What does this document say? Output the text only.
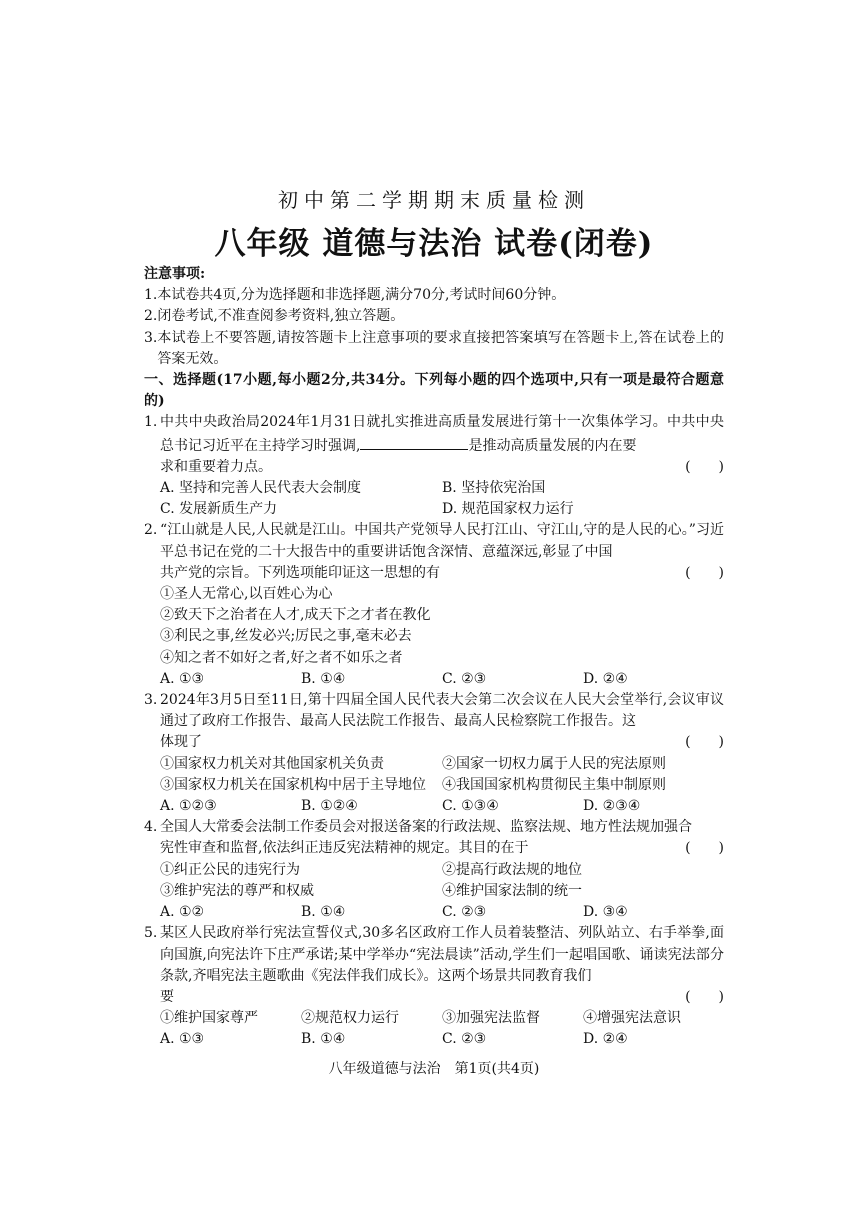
初中第二学期期末质量检测
八年级 道德与法治 试卷(闭卷)
注意事项:
1. 本试卷共4页,分为选择题和非选择题,满分70分,考试时间60分钟。
2. 闭卷考试,不准查阅参考资料,独立答题。
3. 本试卷上不要答题,请按答题卡上注意事项的要求直接把答案填写在答题卡上,答在试卷上的答案无效。
一、选择题(17小题,每小题2分,共34分。下列每小题的四个选项中,只有一项是最符合题意的)
1. 中共中央政治局2024年1月31日就扎实推进高质量发展进行第十一次集体学习。中共中央总书记习近平在主持学习时强调,	是推动高质量发展的内在要
求和重要着力点。	(　　)
A. 坚持和完善人民代表大会制度	B. 坚持依宪治国
C. 发展新质生产力	D. 规范国家权力运行
2. “江山就是人民,人民就是江山。中国共产党领导人民打江山、守江山,守的是人民的心。”习近平总书记在党的二十大报告中的重要讲话饱含深情、意蕴深远,彰显了中国
共产党的宗旨。下列选项能印证这一思想的有	(　　)
①圣人无常心,以百姓心为心
②致天下之治者在人才,成天下之才者在教化
③利民之事,丝发必兴;厉民之事,毫末必去
④知之者不如好之者,好之者不如乐之者
A. ①③	B. ①④	C. ②③	D. ②④
3. 2024年3月5日至11日,第十四届全国人民代表大会第二次会议在人民大会堂举行,会议审议通过了政府工作报告、最高人民法院工作报告、最高人民检察院工作报告。这
体现了	(　　)
①国家权力机关对其他国家机关负责	②国家一切权力属于人民的宪法原则
③国家权力机关在国家机构中居于主导地位	④我国国家机构贯彻民主集中制原则
A. ①②③	B. ①②④	C. ①③④	D. ②③④
4. 全国人大常委会法制工作委员会对报送备案的行政法规、监察法规、地方性法规加强合
宪性审查和监督,依法纠正违反宪法精神的规定。其目的在于	(　　)
①纠正公民的违宪行为	②提高行政法规的地位
③维护宪法的尊严和权威	④维护国家法制的统一
A. ①②	B. ①④	C. ②③	D. ③④
5. 某区人民政府举行宪法宣誓仪式,30多名区政府工作人员着装整洁、列队站立、右手举拳,面向国旗,向宪法许下庄严承诺;某中学举办“宪法晨读”活动,学生们一起唱国歌、诵读宪法部分条款,齐唱宪法主题歌曲《宪法伴我们成长》。这两个场景共同教育我们
要	(　　)
①维护国家尊严	②规范权力运行	③加强宪法监督	④增强宪法意识
A. ①③	B. ①④	C. ②③	D. ②④
八年级道德与法治　第1页(共4页)
